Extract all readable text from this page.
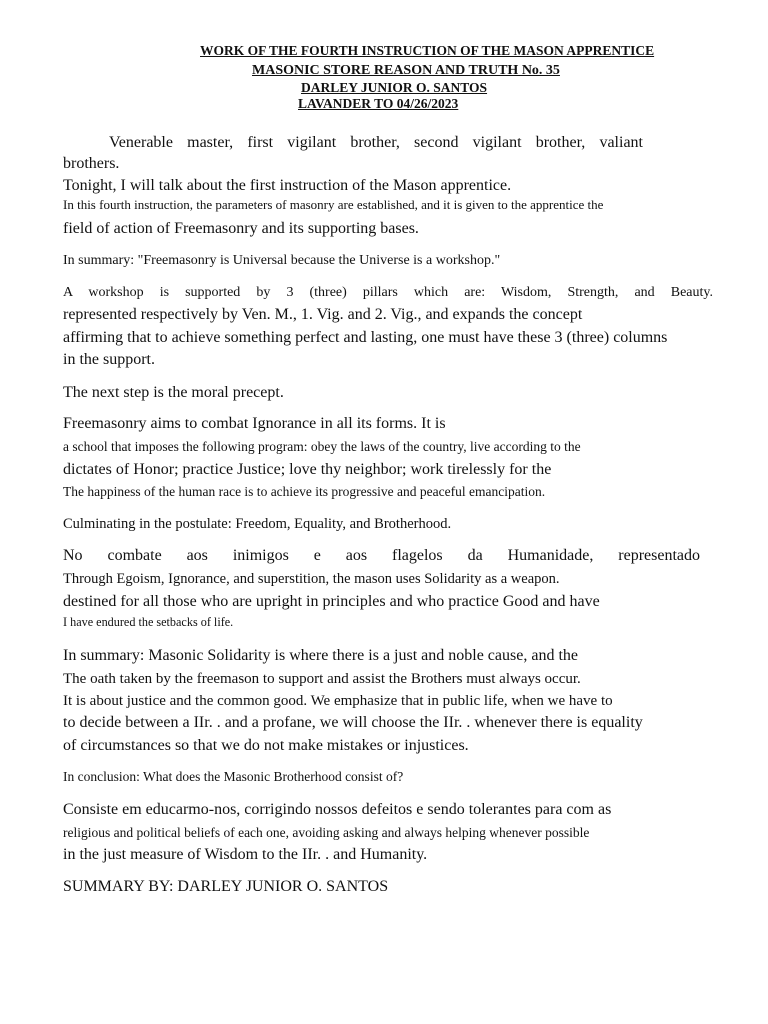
WORK OF THE FOURTH INSTRUCTION OF THE MASON APPRENTICE
MASONIC STORE REASON AND TRUTH No. 35
DARLEY JUNIOR O. SANTOS
LAVANDER TO 04/26/2023
Venerable master, first vigilant brother, second vigilant brother, valiant
brothers.
Tonight, I will talk about the first instruction of the Mason apprentice.
In this fourth instruction, the parameters of masonry are established, and it is given to the apprentice the
field of action of Freemasonry and its supporting bases.
In summary: "Freemasonry is Universal because the Universe is a workshop."
A workshop is supported by 3 (three) pillars which are: Wisdom, Strength, and Beauty.
represented respectively by Ven. M., 1. Vig. and 2. Vig., and expands the concept
affirming that to achieve something perfect and lasting, one must have these 3 (three) columns
in the support.
The next step is the moral precept.
Freemasonry aims to combat Ignorance in all its forms. It is
a school that imposes the following program: obey the laws of the country, live according to the
dictates of Honor; practice Justice; love thy neighbor; work tirelessly for the
The happiness of the human race is to achieve its progressive and peaceful emancipation.
Culminating in the postulate: Freedom, Equality, and Brotherhood.
No combate aos inimigos e aos flagelos da Humanidade, representado
Through Egoism, Ignorance, and superstition, the mason uses Solidarity as a weapon.
destined for all those who are upright in principles and who practice Good and have
I have endured the setbacks of life.
In summary: Masonic Solidarity is where there is a just and noble cause, and the
The oath taken by the freemason to support and assist the Brothers must always occur.
It is about justice and the common good. We emphasize that in public life, when we have to
to decide between a IIr. . and a profane, we will choose the IIr. . whenever there is equality
of circumstances so that we do not make mistakes or injustices.
In conclusion: What does the Masonic Brotherhood consist of?
Consiste em educarmo-nos, corrigindo nossos defeitos e sendo tolerantes para com as
religious and political beliefs of each one, avoiding asking and always helping whenever possible
in the just measure of Wisdom to the IIr. . and Humanity.
SUMMARY BY: DARLEY JUNIOR O. SANTOS
